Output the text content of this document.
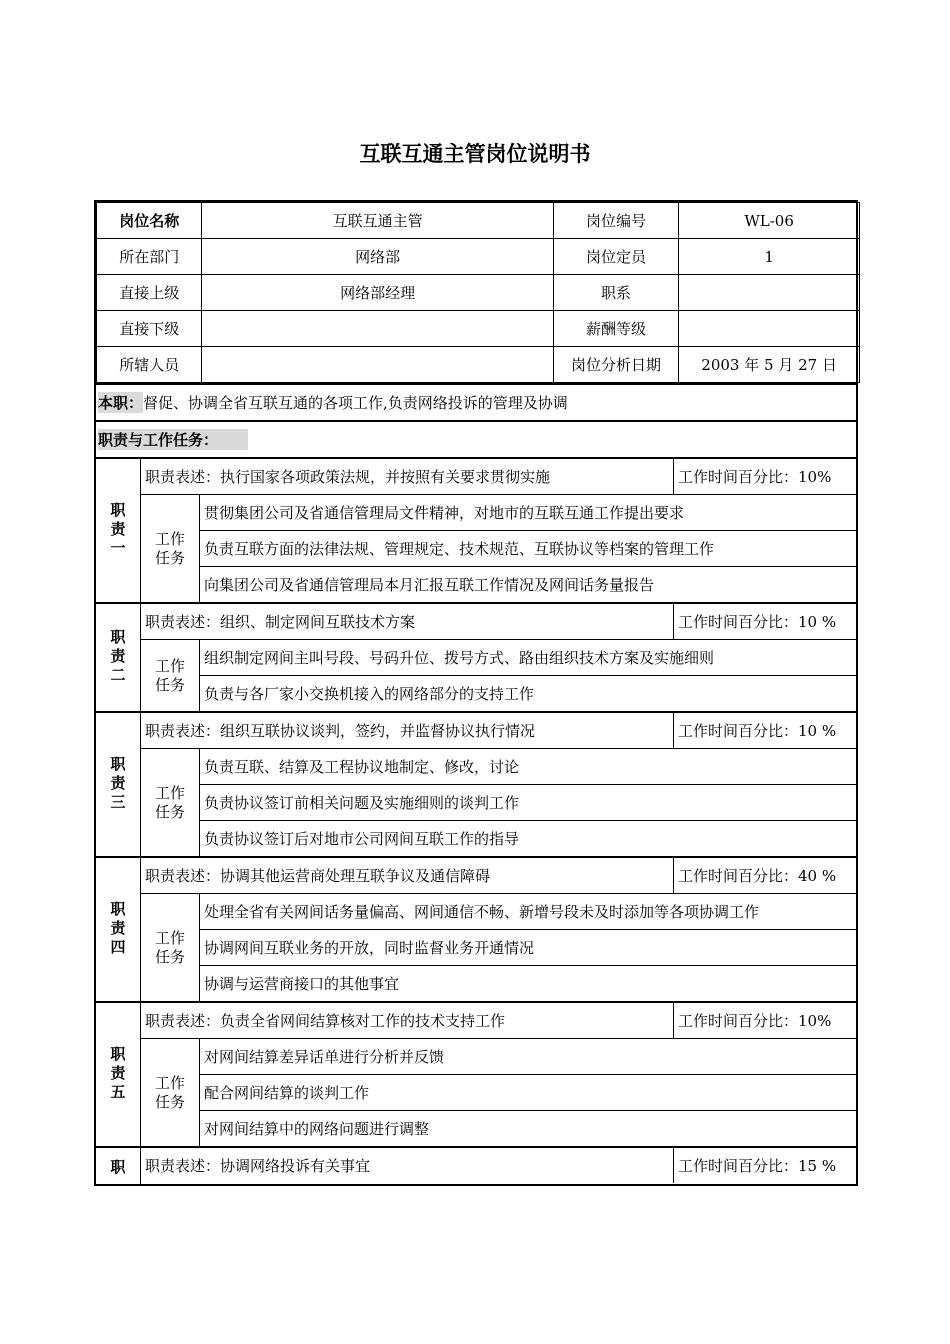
互联互通主管岗位说明书
岗位名称	互联互通主管	岗位编号	WL-06
所在部门	网络部	岗位定员	1
直接上级	网络部经理	职系	
直接下级		薪酬等级	
所辖人员		岗位分析日期	2003 年 5 月 27 日
本职： 督促、协调全省互联互通的各项工作,负责网络投诉的管理及协调
职责与工作任务：
职责一
职责表述：执行国家各项政策法规，并按照有关要求贯彻实施	工作时间百分比：10%
工作
任务
贯彻集团公司及省通信管理局文件精神，对地市的互联互通工作提出要求
负责互联方面的法律法规、管理规定、技术规范、互联协议等档案的管理工作
向集团公司及省通信管理局本月汇报互联工作情况及网间话务量报告
职责二
职责表述：组织、制定网间互联技术方案	工作时间百分比：10 %
工作
任务
组织制定网间主叫号段、号码升位、拨号方式、路由组织技术方案及实施细则
负责与各厂家小交换机接入的网络部分的支持工作
职责三
职责表述：组织互联协议谈判，签约，并监督协议执行情况	工作时间百分比：10 %
工作
任务
负责互联、结算及工程协议地制定、修改，讨论
负责协议签订前相关问题及实施细则的谈判工作
负责协议签订后对地市公司网间互联工作的指导
职责四
职责表述：协调其他运营商处理互联争议及通信障碍	工作时间百分比：40 %
工作
任务
处理全省有关网间话务量偏高、网间通信不畅、新增号段未及时添加等各项协调工作
协调网间互联业务的开放，同时监督业务开通情况
协调与运营商接口的其他事宜
职责五
职责表述：负责全省网间结算核对工作的技术支持工作	工作时间百分比：10%
工作
任务
对网间结算差异话单进行分析并反馈
配合网间结算的谈判工作
对网间结算中的网络问题进行调整
职	职责表述：协调网络投诉有关事宜	工作时间百分比：15 %
